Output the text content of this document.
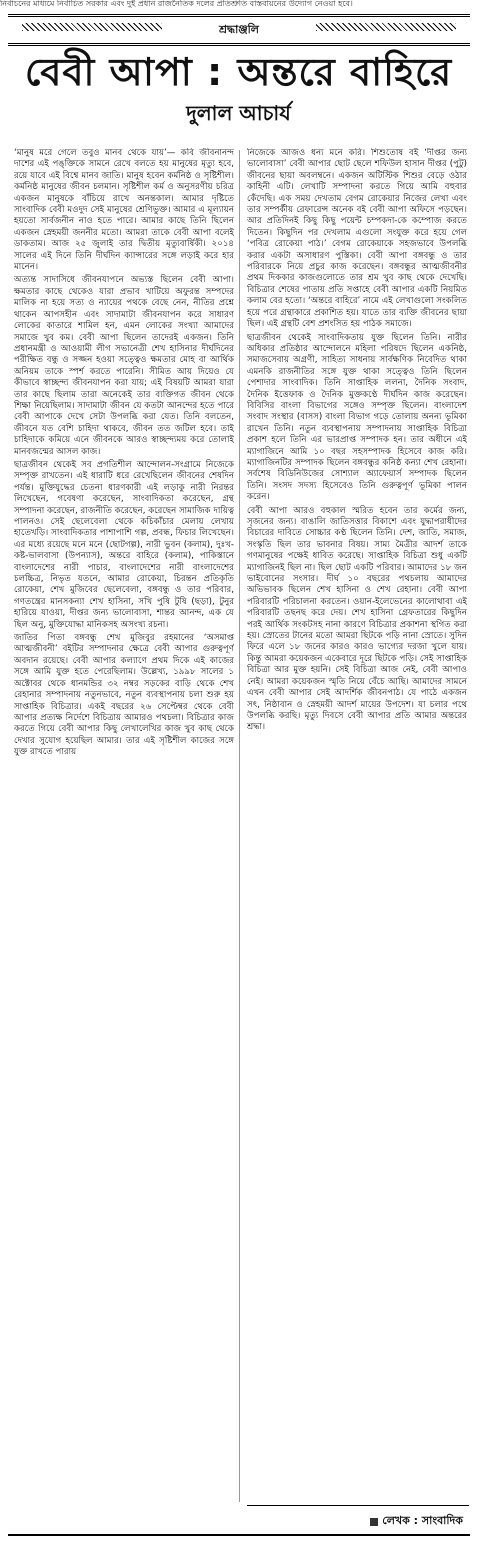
নির্বাচনের মাধ্যমে নির্বাচিত সরকার এবং দুই প্রধান রাজনৈতিক দলের প্রতিশ্রুতি বাস্তবায়নের উদ্যোগ নেওয়া হবে।
শ্রদ্ধাঞ্জলি
বেবী আপা : অন্তরে বাহিরে
দুলাল আচার্য

‘মানুষ মরে গেলে তবুও মানব থেকে যায়’— কবি জীবনানন্দ দাশের এই পঙ্‌ক্তিকে সামনে রেখে বলতে হয় মানুষের মৃত্যু হবে, রয়ে যাবে এই বিশ্বে মানব জাতি। মানুষ হবেন কর্মনিষ্ঠ ও সৃষ্টিশীল। কর্মনিষ্ঠ মানুষের জীবন চলমান। সৃষ্টিশীল কর্ম ও অনুসরণীয় চরিত্র একজন মানুষকে বাঁচিয়ে রাখে অনন্তকাল। আমার দৃষ্টিতে সাংবাদিক বেবী মওদুদ সেই মানুষের শ্রেণিভুক্ত। আমার এ মূল্যায়ন হয়তো সার্বজনীন নাও হতে পারে। আমার কাছে তিনি ছিলেন একজন স্নেহময়ী জননীর মতো। আমরা তাকে বেবী আপা বলেই ডাকতাম। আজ ২৫ জুলাই তার দ্বিতীয় মৃত্যুবার্ষিকী। ২০১৪ সালের এই দিনে তিনি দীর্ঘদিন ক্যান্সারের সঙ্গে লড়াই করে হার মানেন।

অত্যন্ত সাদাসিধে জীবনযাপনে অভ্যস্ত ছিলেন বেবী আপা। ক্ষমতার কাছে থেকেও যারা প্রভাব খাটিয়ে অফুরন্ত সম্পদের মালিক না হয়ে সত্য ও ন্যায়ের পথকে বেছে নেন, নীতির প্রশ্নে থাকেন আপসহীন এবং সাদামাটা জীবনযাপন করে সাধারণ লোকের কাতারে শামিল হন, এমন লোকের সংখ্যা আমাদের সমাজে খুব কম। বেবী আপা ছিলেন তাদেরই একজন। তিনি প্রধানমন্ত্রী ও আওয়ামী লীগ সভানেত্রী শেখ হাসিনার দীর্ঘদিনের পরীক্ষিত বন্ধু ও সজ্জন হওয়া সত্ত্বেও ক্ষমতার মোহ বা আর্থিক অনিয়ম তাকে স্পর্শ করতে পারেনি। সীমিত আয় দিয়েও যে কীভাবে স্বাচ্ছন্দ্য জীবনযাপন করা যায়; এই বিষয়টি আমরা যারা তার কাছে ছিলাম তারা অনেকেই তার ব্যক্তিগত জীবন থেকে শিক্ষা নিয়েছিলাম। সাদামাটা জীবন যে কতটা আনন্দের হতে পারে বেবী আপাকে দেখে সেটা উপলব্ধি করা যেত। তিনি বলতেন, জীবনে যত বেশি চাহিদা থাকবে, জীবন তত জটিল হবে। তাই চাহিদাকে কমিয়ে এনে জীবনকে আরও স্বাচ্ছন্দ্যময় করে তোলাই মানবজন্মের আসল কাজ।

ছাত্রজীবন থেকেই সব প্রগতিশীল আন্দোলন-সংগ্রামে নিজেকে সম্পৃক্ত রাখতেন। এই ধারাটি ধরে রেখেছিলেন জীবনের শেষদিন পর্যন্ত। মুক্তিযুদ্ধের চেতনা ধারণকারী এই লড়াকু নারী নিরন্তর লিখেছেন, গবেষণা করেছেন, সাংবাদিকতা করেছেন, গ্রন্থ সম্পাদনা করেছেন, রাজনীতি করেছেন, করেছেন সামাজিক দায়িত্ব পালনও। সেই ছেলেবেলা থেকে কচিকাঁচার মেলায় লেখায় হাতেখড়ি। সাংবাদিকতার পাশাপাশি গল্প, প্রবন্ধ, ফিচার লিখেছেন। এর মধ্যে রয়েছে মনে মনে (ছোটগল্প), নারী ভুবন (কলাম), দুঃখ-কষ্ট-ভালবাসা (উপন্যাস), অন্তরে বাহিরে (কলাম), পাকিস্তানে বাংলাদেশের নারী পাচার, বাংলাদেশের নারী বাংলাদেশের চলচ্চিত্র, নিভৃত যতনে, আমার রোকেয়া, চিরন্তন প্রতিকৃতি রোকেয়া, শেখ মুজিবের ছেলেবেলা, বঙ্গবন্ধু ও তার পরিবার, গণতন্ত্রের মানসকন্যা শেখ হাসিনা, সখি পুষি টুষি (ছড়া), টুনুর হারিয়ে যাওয়া, দীপ্তর জন্য ভালোবাসা, শান্তর আনন্দ, এক যে ছিল অনু, মুক্তিযোদ্ধা মানিকসহ অসংখ্য রচনা।

জাতির পিতা বঙ্গবন্ধু শেখ মুজিবুর রহমানের ‘অসমাপ্ত আত্মজীবনী’ বইটির সম্পাদনার ক্ষেত্রে বেবী আপার গুরুত্বপূর্ণ অবদান রয়েছে। বেবী আপার কল্যাণে প্রথম দিকে এই কাজের সঙ্গে আমি যুক্ত হতে পেরেছিলাম। উল্লেখ্য, ১৯৯৮ সালের ১ অক্টোবর থেকে ধানমন্ডির ৩২ নম্বর সড়কের বাড়ি থেকে শেখ রেহানার সম্পাদনায় নতুনভাবে, নতুন ব্যবস্থাপনায় চলা শুরু হয় সাপ্তাহিক বিচিত্রার। একই বছরের ২৬ সেপ্টেম্বর থেকে বেবী আপার প্রত্যক্ষ নির্দেশে বিচিত্রায় আমারও পথচলা। বিচিত্রার কাজ করতে গিয়ে বেবী আপার কিছু লেখালেখির কাজ খুব কাছ থেকে দেখার সুযোগ হয়েছিল আমার। তার এই সৃষ্টিশীল কাজের সঙ্গে যুক্ত রাখতে পারায়

নিজেকে আজও ধন্য মনে করি। শিশুতোষ বই ‘দীপ্তর জন্য ভালোবাসা’ বেবী আপার ছোট ছেলে শফিউল হাসান দীপ্তর (পুটু) জীবনের ছায়া অবলম্বনে। একজন অটিস্টিক শিশুর বেড়ে ওঠার কাহিনী এটি। লেখাটি সম্পাদনা করতে গিয়ে আমি বহুবার কেঁদেছি। এক সময় দেখতাম বেগম রোকেয়ার নিজের লেখা এবং তার সম্পর্কীয় রেফারেন্স অনেক বই বেবী আপা অফিসে পড়ছেন। আর প্রতিদিনই কিছু কিছু পয়েন্ট চম্পকদা-কে কম্পোজ করতে দিতেন। কিছুদিন পর দেখলাম এগুলো সংযুক্ত করে হয়ে গেল ‘পবিত্র রোকেয়া পাঠ।’ বেগম রোকেয়াকে সহজভাবে উপলব্ধি করার একটা অসাধারণ পুস্তিকা। বেবী আপা বঙ্গবন্ধু ও তার পরিবারকে নিয়ে প্রচুর কাজ করেছেন। বঙ্গবন্ধুর আত্মজীবনীর প্রথম দিককার কাজগুলোতে তার শ্রম খুব কাছ থেকে দেখেছি। বিচিত্রার শেষের পাতায় প্রতি সপ্তাহে বেবী আপার একটি নিয়মিত কলাম বের হতো। ‘অন্তরে বাহিরে’ নামে এই লেখাগুলো সংকলিত হয়ে পরে গ্রন্থাকারে প্রকাশিত হয়। যাতে তার ব্যক্তি জীবনের ছায়া ছিল। এই গ্রন্থটি বেশ প্রশংসিত হয় পাঠক সমাজে।

ছাত্রজীবন থেকেই সাংবাদিকতায় যুক্ত ছিলেন তিনি। নারীর অধিকার প্রতিষ্ঠার আন্দোলনে মহিলা পরিষদে ছিলেন একনিষ্ঠ, সমাজসেবায় অগ্রণী, সাহিত্য সাধনায় সার্বক্ষণিক নিবেদিত থাকা এমনকি রাজনীতির সঙ্গে যুক্ত থাকা সত্ত্বেও তিনি ছিলেন পেশাদার সাংবাদিক। তিনি সাপ্তাহিক ললনা, দৈনিক সংবাদ, দৈনিক ইত্তেফাক ও দৈনিক মুক্তকণ্ঠে দীর্ঘদিন কাজ করেছেন। বিবিসির বাংলা বিভাগের সঙ্গেও সম্পৃক্ত ছিলেন। বাংলাদেশ সংবাদ সংস্থার (বাসস) বাংলা বিভাগ গড়ে তোলায় অনন্য ভূমিকা রাখেন তিনি। নতুন ব্যবস্থাপনায় সম্পাদনায় সাপ্তাহিক বিচিত্রা প্রকাশ হলে তিনি এর ভারপ্রাপ্ত সম্পাদক হন। তার অধীনে এই ম্যাগাজিনে আমি ১০ বছর সহসম্পাদক হিসেবে কাজ করি। ম্যাগাজিনটির সম্পাদক ছিলেন বঙ্গবন্ধুর কনিষ্ঠ কন্যা শেখ রেহানা। সর্বশেষ বিডিনিউজের সোশ্যাল অ্যাফেয়ার্স সম্পাদক ছিলেন তিনি। সংসদ সদস্য হিসেবেও তিনি গুরুত্বপূর্ণ ভূমিকা পালন করেন।

বেবী আপা আরও বহুকাল স্মরিত হবেন তার কর্মের জন্য, সৃজনের জন্য। বাঙালি জাতিসত্তার বিকাশে এবং যুদ্ধাপরাধীদের বিচারের দাবিতে সোচ্চার কণ্ঠ ছিলেন তিনি। দেশ, জাতি, সমাজ, সংস্কৃতি ছিল তার ভাবনার বিষয়। সাম্য মৈত্রীর আদর্শ তাকে গণমানুষের পক্ষেই ধাবিত করেছে। সাপ্তাহিক বিচিত্রা শুধু একটি ম্যাগাজিনই ছিল না। ছিল ছোট একটি পরিবার। আমাদের ১৮ জন ভাইবোনের সংসার। দীর্ঘ ১০ বছরের পথচলায় আমাদের অভিভাবক ছিলেন শেখ হাসিনা ও শেখ রেহানা। বেবী আপা পরিবারটি পরিচালনা করতেন। ওয়ান-ইলেভেনের কালোথাবা এই পরিবারটি তছনছ করে দেয়। শেখ হাসিনা গ্রেফতারের কিছুদিন পরই আর্থিক সংকটসহ নানা কারণে বিচিত্রার প্রকাশনা স্থগিত করা হয়। স্রোতের টানের মতো আমরা ছিটকে পড়ি নানা স্রোতে। সুদিন ফিরে এলে ১৮ জনের কারও কারও ভাগ্যের দরজা খুলে যায়। কিন্তু আমরা কয়েকজন একেবারে দূরে ছিটকে পড়ি। সেই সাপ্তাহিক বিচিত্রা আর মুক্ত হয়নি। সেই বিচিত্রা আজ নেই, বেবী আপাও নেই। আমরা কয়েকজন স্মৃতি নিয়ে বেঁচে আছি। আমাদের সামনে এখন বেবী আপার সেই আদর্শিক জীবনপাঠ। যে পাঠে একজন সৎ, নিষ্ঠাবান ও স্নেহময়ী আদর্শ মায়ের উপদেশ। যা চলার পথে উপলব্ধি করছি। মৃত্যু দিবসে বেবী আপার প্রতি আমার অন্তরের শ্রদ্ধা।

লেখক : সাংবাদিক
